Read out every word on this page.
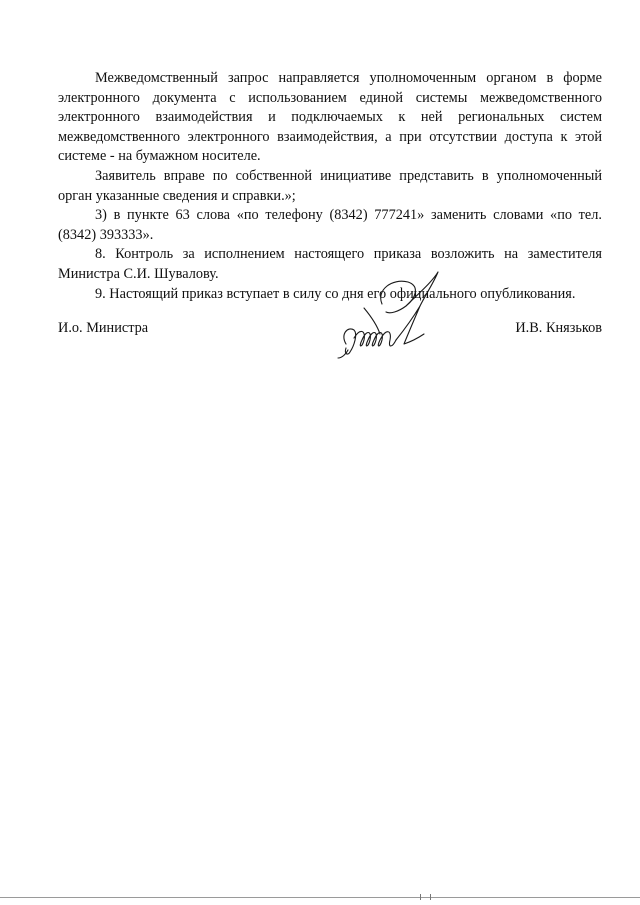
Межведомственный запрос направляется уполномоченным органом в форме электронного документа с использованием единой системы межведомственного электронного взаимодействия и подключаемых к ней региональных систем межведомственного электронного взаимодействия, а при отсутствии доступа к этой системе - на бумажном носителе.

Заявитель вправе по собственной инициативе представить в уполномоченный орган указанные сведения и справки.»;

3) в пункте 63 слова «по телефону (8342) 777241» заменить словами «по тел. (8342) 393333».

8. Контроль за исполнением настоящего приказа возложить на заместителя Министра С.И. Шувалову.

9. Настоящий приказ вступает в силу со дня его официального опубликования.

И.о. Министра	И.В. Князьков
